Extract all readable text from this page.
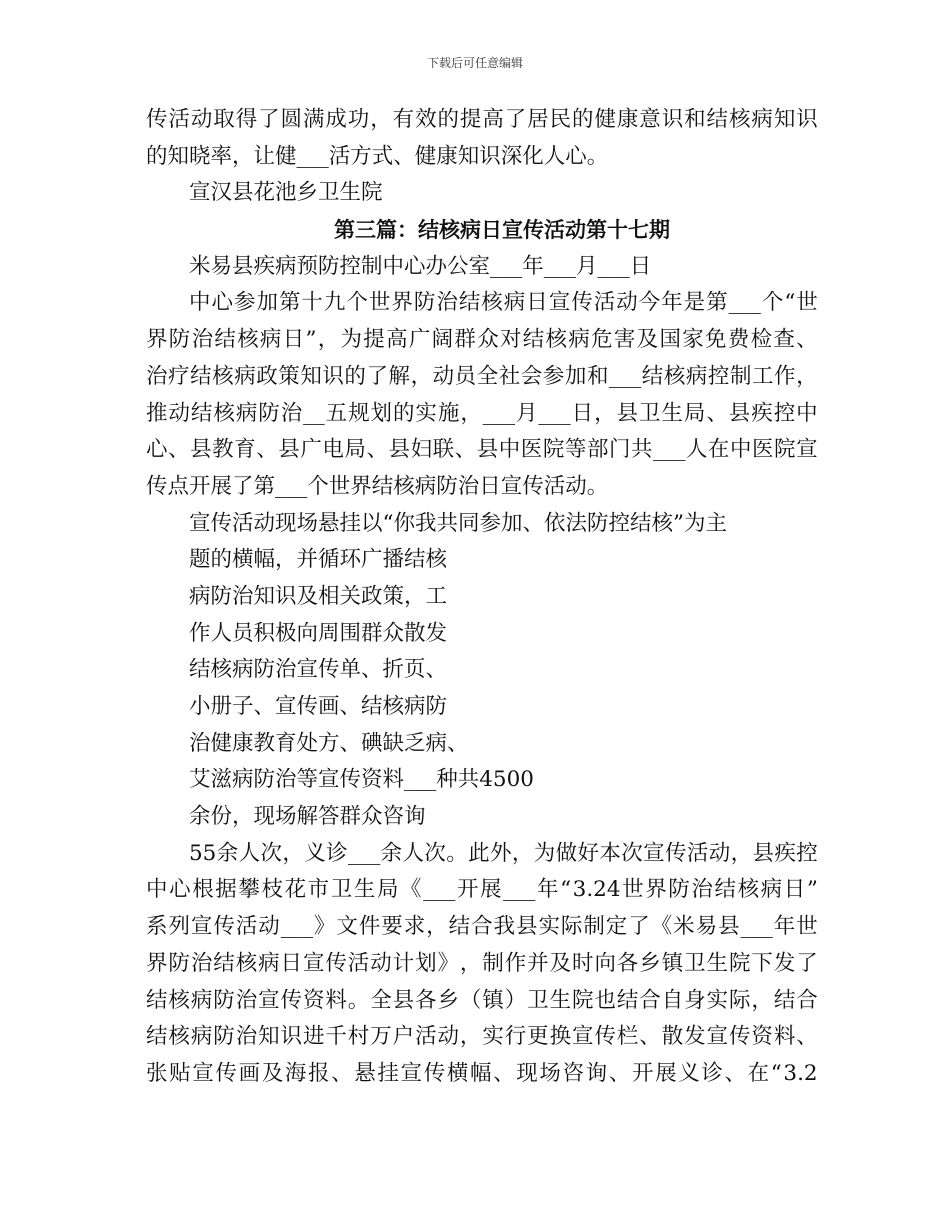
下载后可任意编辑
传 活 动 取 得 了 圆 满 成 功 ， 有 效 的 提 高 了 居 民 的 健 康 意 识 和 结 核 病 知 识
的知晓率，让健___活方式、健康知识深化人心。
宣汉县花池乡卫生院
第三篇：结核病日宣传活动第十七期
米易县疾病预防控制中心办公室___年___月___日
中 心 参 加 第 十 九 个 世 界 防 治 结 核 病 日 宣 传 活 动 今 年 是 第 ___ 个 “ 世
界 防 治 结 核 病 日 ” ， 为 提 高 广 阔 群 众 对 结 核 病 危 害 及 国 家 免 费 检 查 、
治 疗 结 核 病 政 策 知 识 的 了 解 ， 动 员 全 社 会 参 加 和 ___ 结 核 病 控 制 工 作 ，
推 动 结 核 病 防 治 __ 五 规 划 的 实 施 ， ___ 月 ___ 日 ， 县 卫 生 局 、 县 疾 控 中
心 、 县 教 育 、 县 广 电 局 、 县 妇 联 、 县 中 医 院 等 部 门 共 ___ 人 在 中 医 院 宣
传点开展了第___个世界结核病防治日宣传活动。
宣传活动现场悬挂以“你我共同参加、依法防控结核”为主
题的横幅，并循环广播结核
病防治知识及相关政策，工
作人员积极向周围群众散发
结核病防治宣传单、折页、
小册子、宣传画、结核病防
治健康教育处方、碘缺乏病、
艾滋病防治等宣传资料___种共4500
余份，现场解答群众咨询
55 余 人 次 ， 义 诊 ___ 余 人 次 。 此 外 ， 为 做 好 本 次 宣 传 活 动 ， 县 疾 控
中 心 根 据 攀 枝 花 市 卫 生 局 《 ___ 开 展 ___ 年 “ 3.24 世 界 防 治 结 核 病 日 ”
系 列 宣 传 活 动 ___ 》 文 件 要 求 ， 结 合 我 县 实 际 制 定 了 《 米 易 县 ___ 年 世
界 防 治 结 核 病 日 宣 传 活 动 计 划 》 ， 制 作 并 及 时 向 各 乡 镇 卫 生 院 下 发 了
结 核 病 防 治 宣 传 资 料 。 全 县 各 乡 （ 镇 ） 卫 生 院 也 结 合 自 身 实 际 ， 结 合
结 核 病 防 治 知 识 进 千 村 万 户 活 动 ， 实 行 更 换 宣 传 栏 、 散 发 宣 传 资 料 、
张 贴 宣 传 画 及 海 报 、 悬 挂 宣 传 横 幅 、 现 场 咨 询 、 开 展 义 诊 、 在 “ 3.2
